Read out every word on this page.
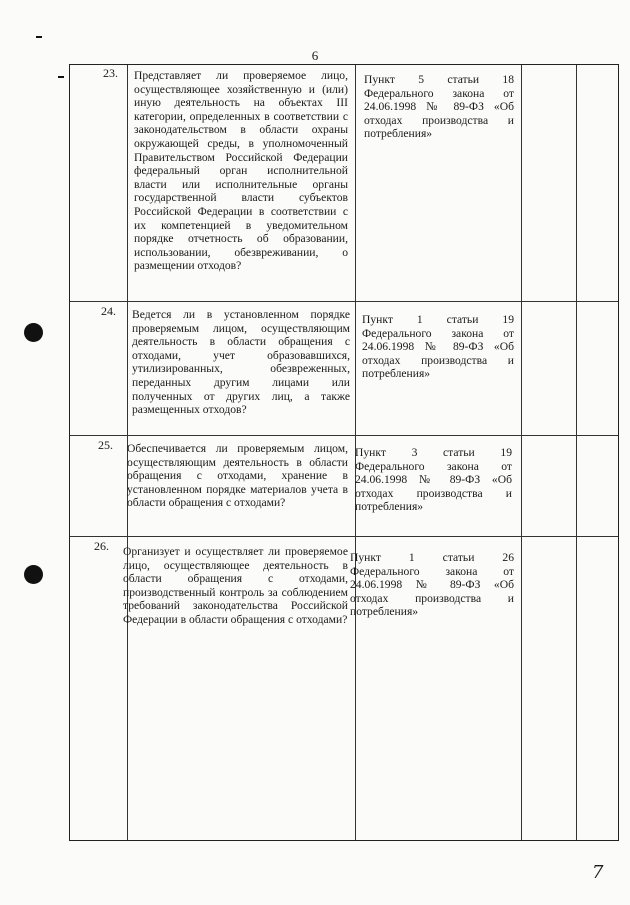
6
23. Представляет ли проверяемое лицо, осуществляющее хозяйственную и (или) иную деятельность на объектах III категории, определенных в соответствии с законодательством в области охраны окружающей среды, в уполномоченный Правительством Российской Федерации федеральный орган исполнительной власти или исполнительные органы государственной власти субъектов Российской Федерации в соответствии с их компетенцией в уведомительном порядке отчетность об образовании, использовании, обезвреживании, о размещении отходов?
Пункт 5 статьи 18 Федерального закона от 24.06.1998 № 89-ФЗ «Об отходах производства и потребления»
24. Ведется ли в установленном порядке проверяемым лицом, осуществляющим деятельность в области обращения с отходами, учет образовавшихся, утилизированных, обезвреженных, переданных другим лицами или полученных от других лиц, а также размещенных отходов?
Пункт 1 статьи 19 Федерального закона от 24.06.1998 № 89-ФЗ «Об отходах производства и потребления»
25. Обеспечивается ли проверяемым лицом, осуществляющим деятельность в области обращения с отходами, хранение в установленном порядке материалов учета в области обращения с отходами?
Пункт 3 статьи 19 Федерального закона от 24.06.1998 № 89-ФЗ «Об отходах производства и потребления»
26. Организует и осуществляет ли проверяемое лицо, осуществляющее деятельность в области обращения с отходами, производственный контроль за соблюдением требований законодательства Российской Федерации в области обращения с отходами?
Пункт 1 статьи 26 Федерального закона от 24.06.1998 № 89-ФЗ «Об отходах производства и потребления»
7
